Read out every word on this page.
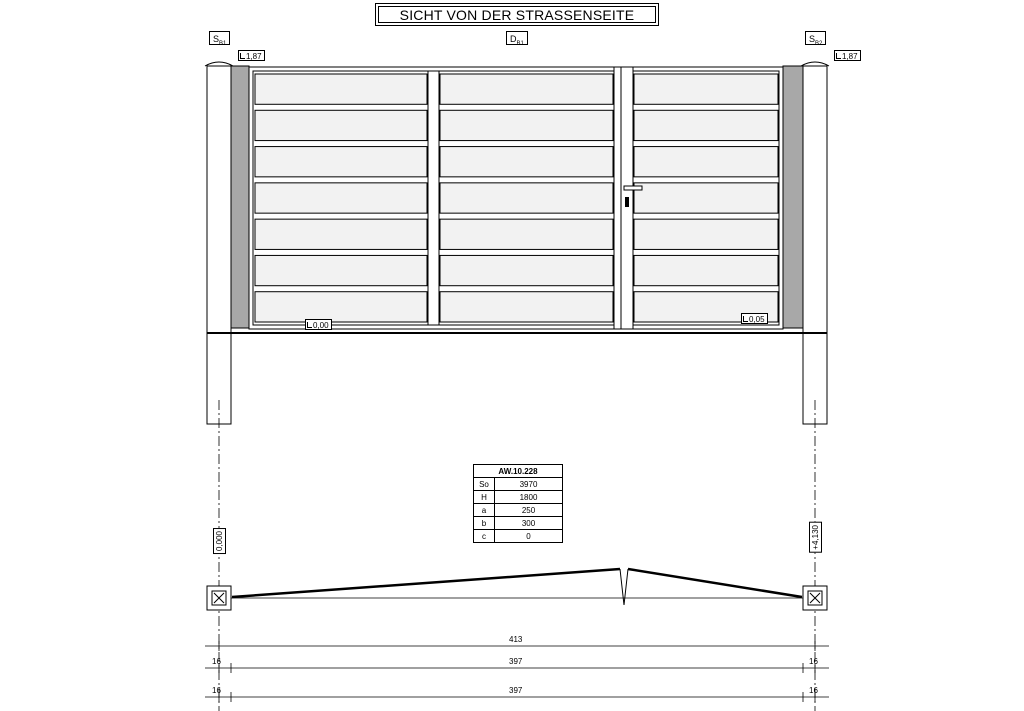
SICHT VON DER STRASSENSEITE
$S_{B1}$	$D_{B1}$	$S_{B2}$
1,87	1,87
0,00
0,05
AW.10.228	
So	3970
H	1800
a	250
b	300
c	0
0,000	+4,130
413
16	397	16
16	397	16
